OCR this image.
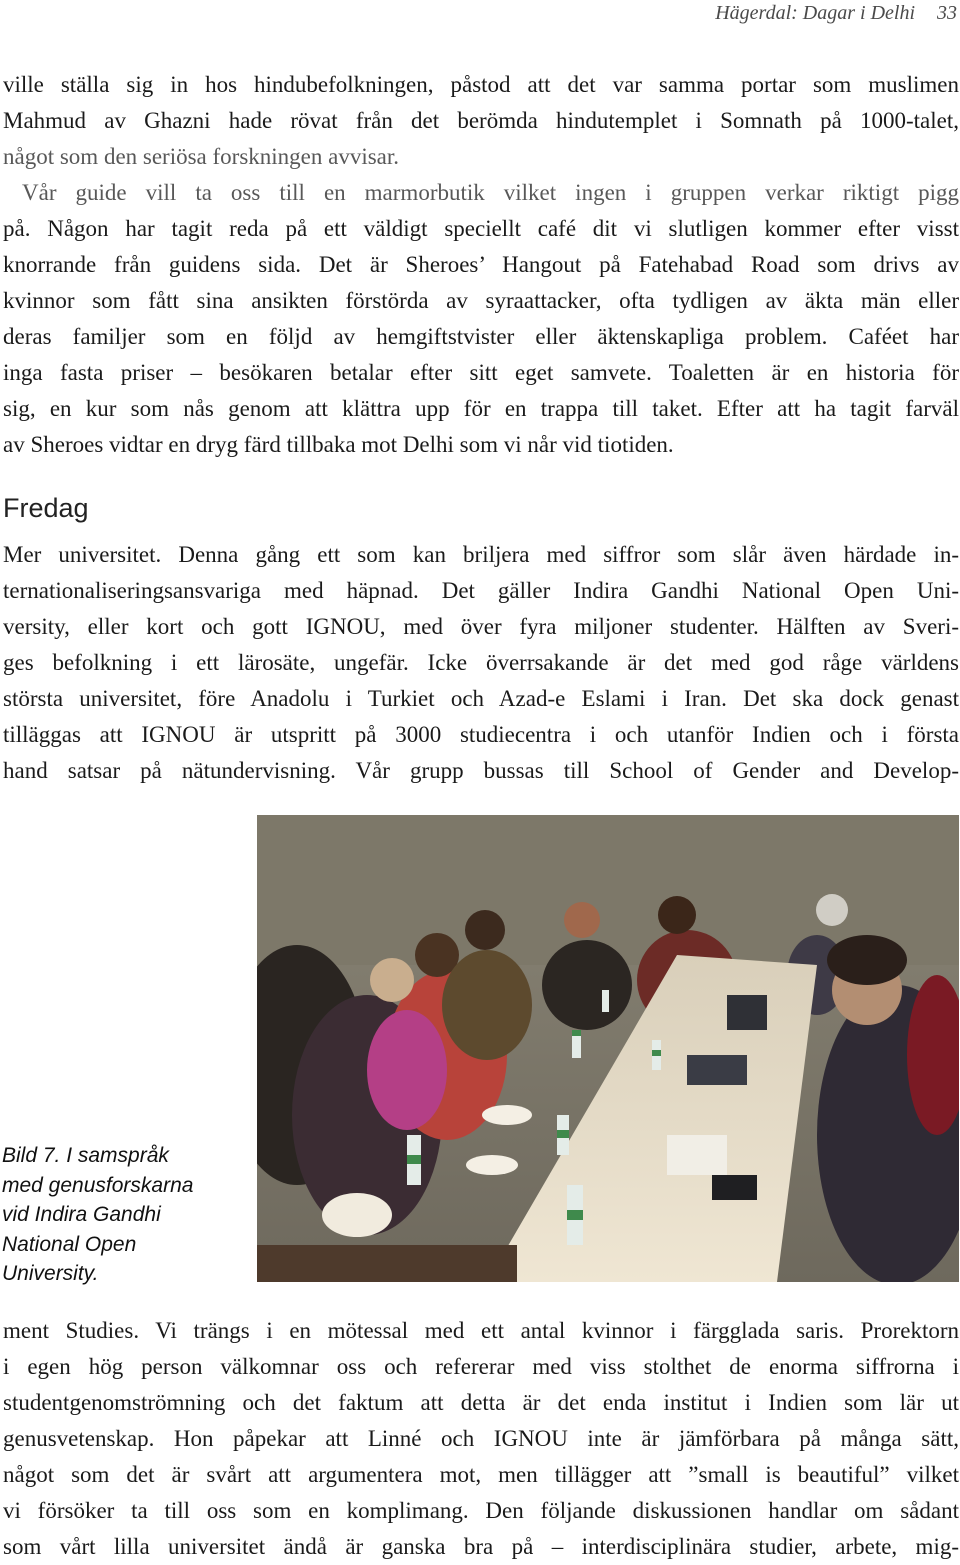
Hägerdal: Dagar i Delhi 33
ville ställa sig in hos hindubefolkningen, påstod att det var samma portar som muslimen
Mahmud av Ghazni hade rövat från det berömda hindutemplet i Somnath på 1000-talet,
något som den seriösa forskningen avvisar.
Vår guide vill ta oss till en marmorbutik vilket ingen i gruppen verkar riktigt pigg
på. Någon har tagit reda på ett väldigt speciellt café dit vi slutligen kommer efter visst
knorrande från guidens sida. Det är Sheroes’ Hangout på Fatehabad Road som drivs av
kvinnor som fått sina ansikten förstörda av syraattacker, ofta tydligen av äkta män eller
deras familjer som en följd av hemgiftstvister eller äktenskapliga problem. Caféet har
inga fasta priser – besökaren betalar efter sitt eget samvete. Toaletten är en historia för
sig, en kur som nås genom att klättra upp för en trappa till taket. Efter att ha tagit farväl
av Sheroes vidtar en dryg färd tillbaka mot Delhi som vi når vid tiotiden.
Fredag
Mer universitet. Denna gång ett som kan briljera med siffror som slår även härdade in-
ternationaliseringsansvariga med häpnad. Det gäller Indira Gandhi National Open Uni-
versity, eller kort och gott IGNOU, med över fyra miljoner studenter. Hälften av Sveri-
ges befolkning i ett lärosäte, ungefär. Icke överrsakande är det med god råge världens
största universitet, före Anadolu i Turkiet och Azad-e Eslami i Iran. Det ska dock genast
tilläggas att IGNOU är utspritt på 3000 studiecentra i och utanför Indien och i första
hand satsar på nätundervisning. Vår grupp bussas till School of Gender and Develop-
Bild 7. I samspråk
med genusforskarna
vid Indira Gandhi
National Open
University.
ment Studies. Vi trängs i en mötessal med ett antal kvinnor i färgglada saris. Prorektorn
i egen hög person välkomnar oss och refererar med viss stolthet de enorma siffrorna i
studentgenomströmning och det faktum att detta är det enda institut i Indien som lär ut
genusvetenskap. Hon påpekar att Linné och IGNOU inte är jämförbara på många sätt,
något som det är svårt att argumentera mot, men tillägger att ”small is beautiful” vilket
vi försöker ta till oss som en komplimang. Den följande diskussionen handlar om sådant
som vårt lilla universitet ändå är ganska bra på – interdisciplinära studier, arbete, mig-
